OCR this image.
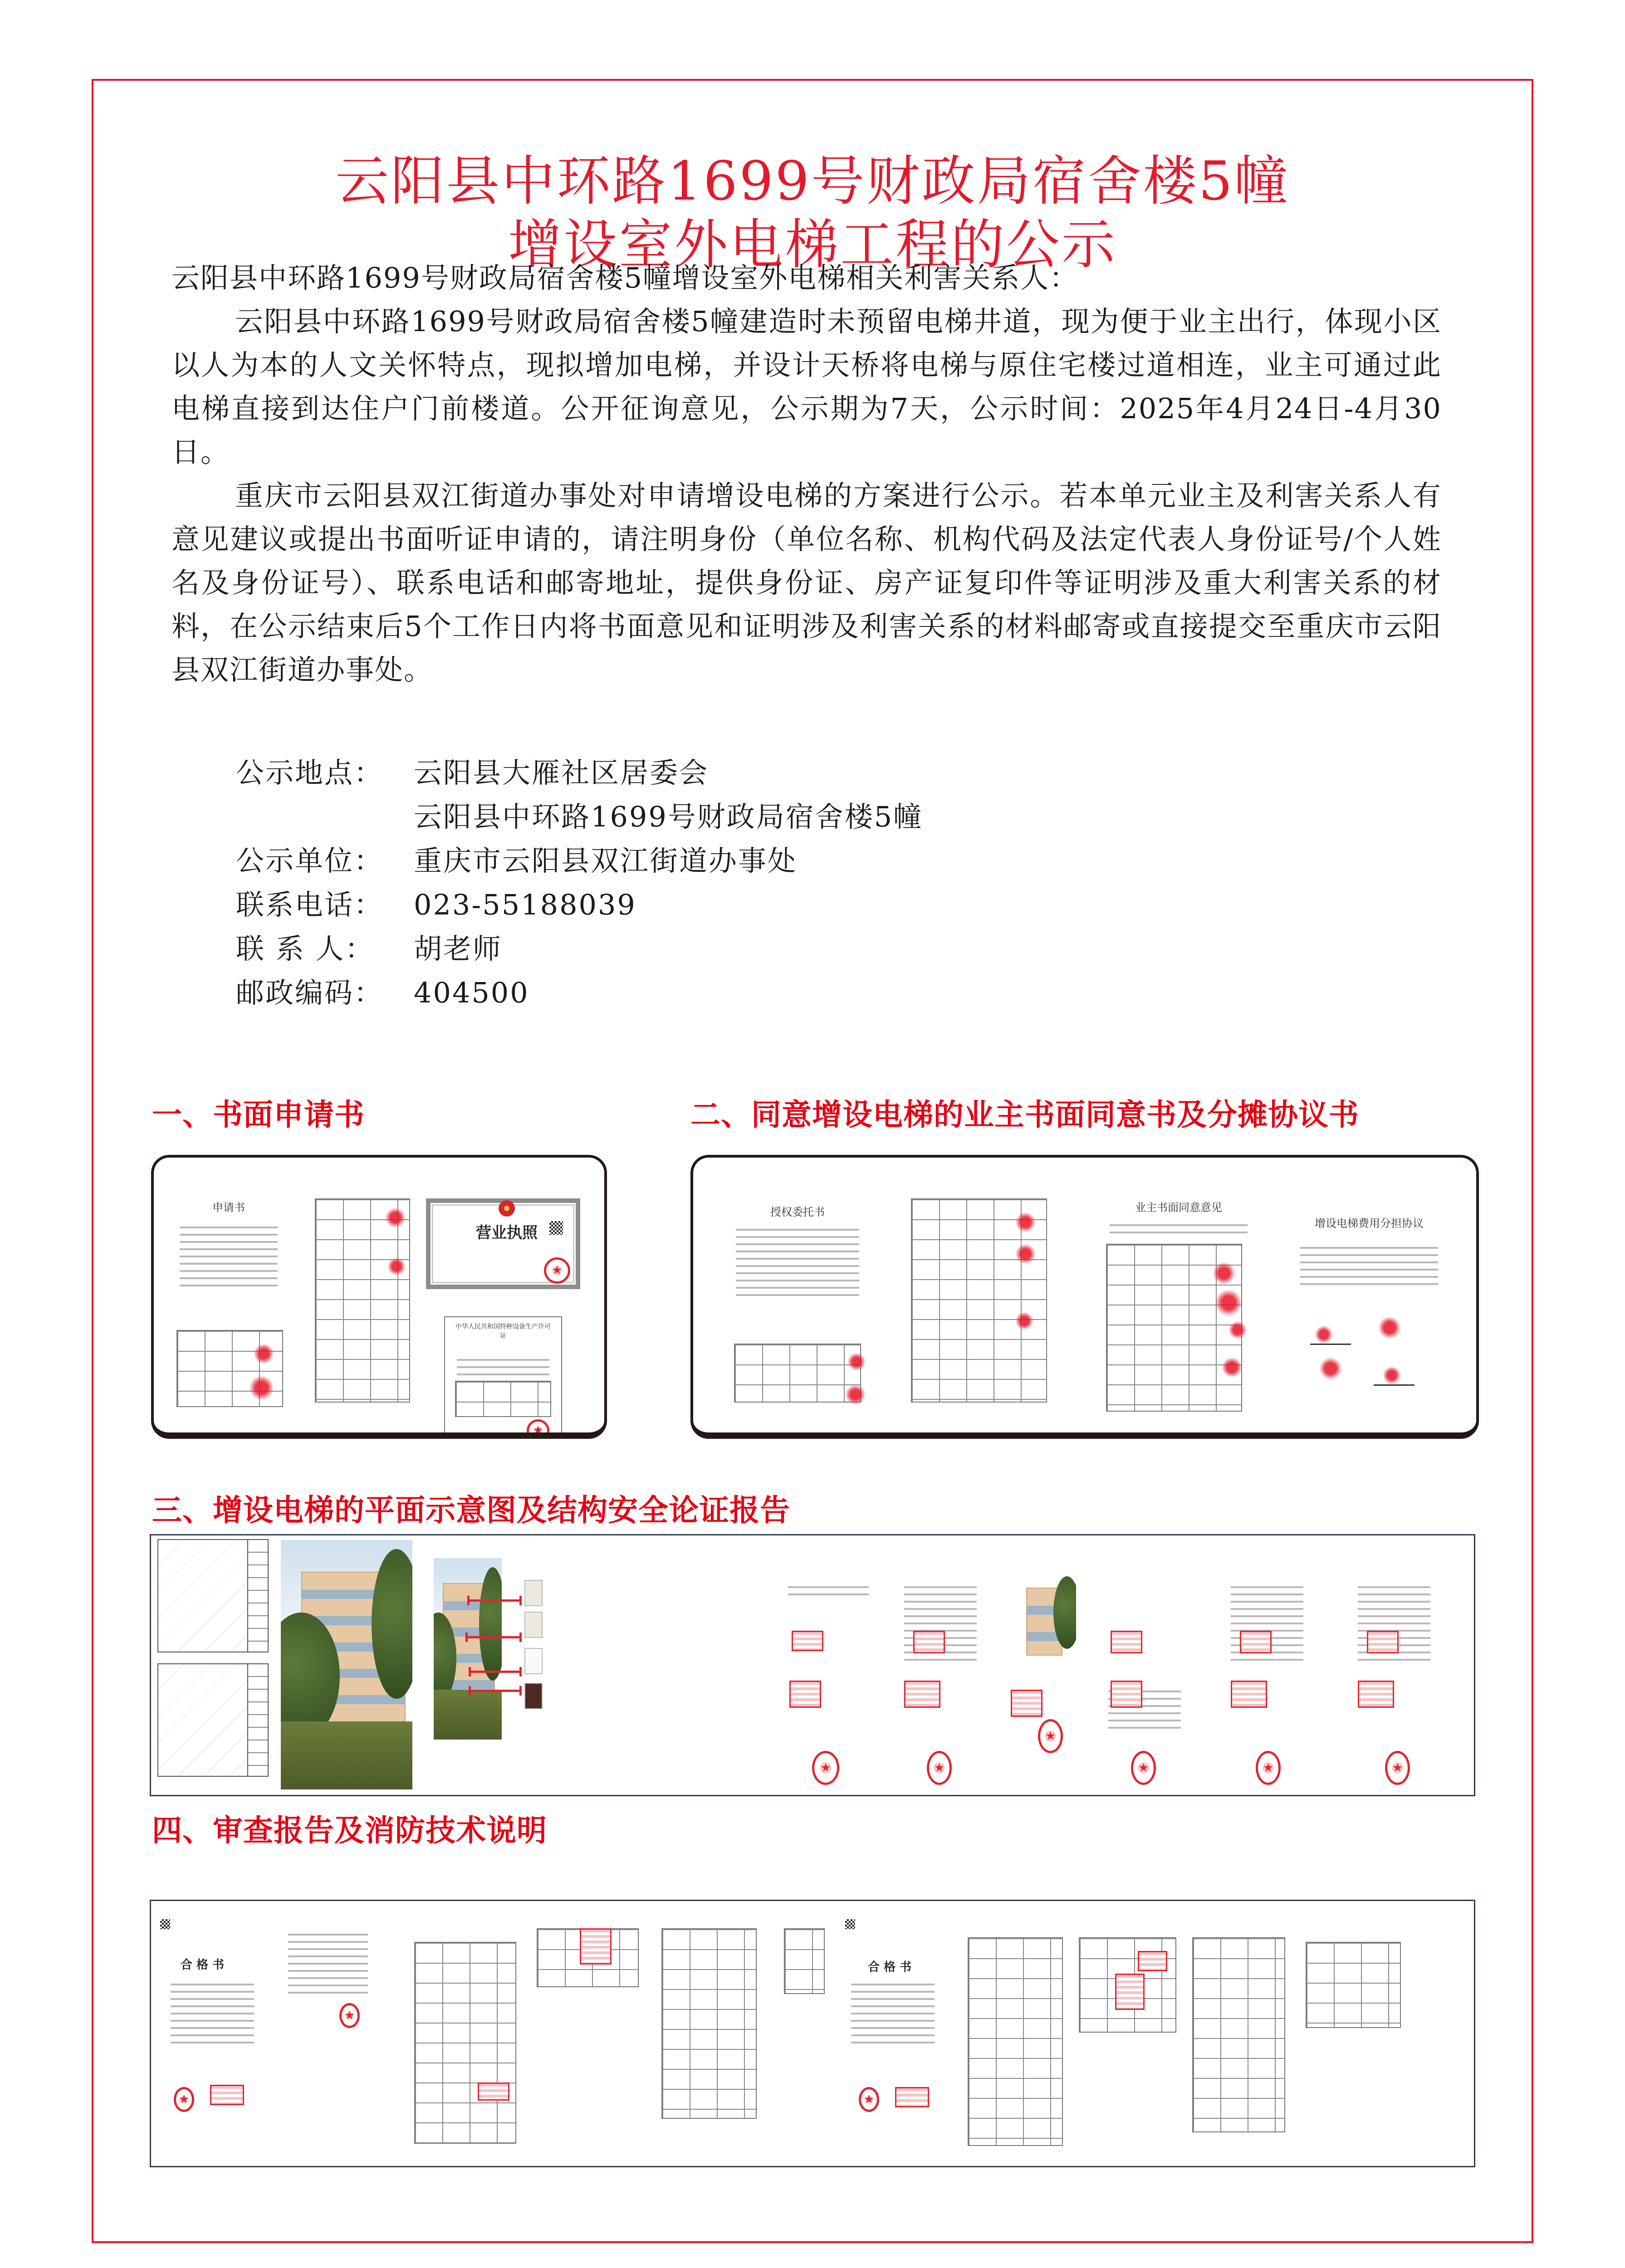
云阳县中环路1699号财政局宿舍楼5幢
增设室外电梯工程的公示

云阳县中环路1699号财政局宿舍楼5幢增设室外电梯相关利害关系人：

云阳县中环路1699号财政局宿舍楼5幢建造时未预留电梯井道，现为便于业主出行，体现小区以人为本的人文关怀特点，现拟增加电梯，并设计天桥将电梯与原住宅楼过道相连，业主可通过此电梯直接到达住户门前楼道。公开征询意见，公示期为7天，公示时间：2025年4月24日-4月30日。

重庆市云阳县双江街道办事处对申请增设电梯的方案进行公示。若本单元业主及利害关系人有意见建议或提出书面听证申请的，请注明身份（单位名称、机构代码及法定代表人身份证号/个人姓名及身份证号）、联系电话和邮寄地址，提供身份证、房产证复印件等证明涉及重大利害关系的材料，在公示结束后5个工作日内将书面意见和证明涉及利害关系的材料邮寄或直接提交至重庆市云阳县双江街道办事处。

公示地点：	云阳县大雁社区居委会
云阳县中环路1699号财政局宿舍楼5幢
公示单位：	重庆市云阳县双江街道办事处
联系电话：	023-55188039
联 系 人：	胡老师
邮政编码：	404500
一、书面申请书
申请书
营业执照
★
中华人民共和国特种设备生产许可证
★
二、同意增设电梯的业主书面同意书及分摊协议书
授权委托书	业主书面同意意见
增设电梯费用分担协议
三、增设电梯的平面示意图及结构安全论证报告
★
★
★
★
★
★
四、审查报告及消防技术说明
合 格 书
★
★	合 格 书
★
